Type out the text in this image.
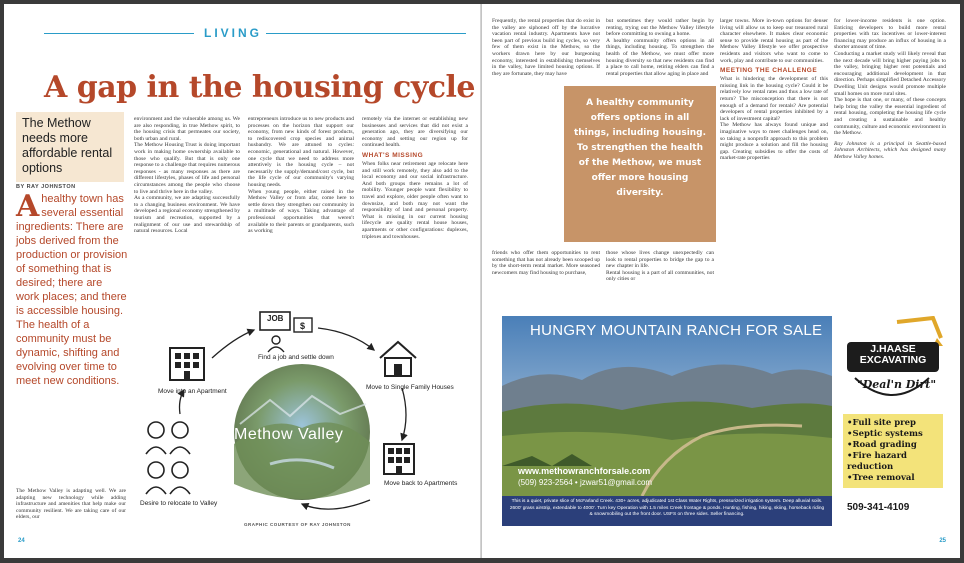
LIVING
A gap in the housing cycle
The Methow needs more affordable rental options
BY RAY JOHNSTON
Ahealthy town has several essential ingredients: There are jobs derived from the production or provision of something that is desired; there are work places; and there is accessible housing. The health of a community must be dynamic, shifting and evolving over time to meet new conditions.
The Methow Valley is adapting well. We are adapting new technology while adding infrastructure and amenities that help make our community resilient. We are taking care of our elders, our
environment and the vulnerable among us. We are also responding, in true Methow spirit, to the housing crisis that permeates our society, both urban and rural.
The Methow Housing Trust is doing important work in making home ownership available to those who qualify. But that is only one response to a challenge that requires numerous responses - as many responses as there are different lifestyles, phases of life and personal circumstances among the people who choose to live and thrive here in the valley.
As a community, we are adapting successfully to a changing business environment. We have developed a regional economy strengthened by tourism and recreation, supported by a realignment of our use and stewardship of natural resources. Local
entrepreneurs introduce us to new products and processes on the horizon that support our economy, from new kinds of forest products, to rediscovered crop species and animal husbandry. We are attuned to cycles: economic, generational and natural. However, one cycle that we need to address more attentively is the housing cycle – not necessarily the supply/demand/cost cycle, but the life cycle of our community's varying housing needs.
When young people, either raised in the Methow Valley or from afar, come here to settle down they strengthen our community in a multitude of ways. Taking advantage of professional opportunities that weren't available to their parents or grandparents, such as working
remotely via the internet or establishing new businesses and services that did not exist a generation ago, they are diversifying our economy and setting our region up for continued health.
WHAT'S MISSING
When folks near retirement age relocate here and still work remotely, they also add to the local economy and our social infrastructure. And both groups there remains a lot of mobility. Younger people want flexibility to travel and explore, older people often want to downsize, and both may not want the responsibility of land and personal property. What is missing in our current housing lifecycle are quality rental house houses, apartments or other configurations: duplexes, triplexes and townhouses.
$
JOB
Move into an Apartment
Find a job and settle down
Move to Single Family Houses
Move back to Apartments
Desire to relocate to Valley
Methow Valley
GRAPHIC COURTESY OF RAY JOHNSTON
24
Frequently, the rental properties that do exist in the valley are siphoned off by the lucrative vacation rental industry. Apartments have not been part of previous build ing cycles, so very few of them exist in the Methow, so the workers drawn here by our burgeoning economy, interested in establishing themselves in the valley, have limited housing options. If they are fortunate, they may have
friends who offer them opportunities to rent something that has not already been scooped up by the short-term rental market. More seasoned newcomers may find housing to purchase,
but sometimes they would rather begin by renting, trying out the Methow Valley lifestyle before committing to owning a home.
A healthy community offers options in all things, including housing. To strengthen the health of the Methow, we must offer more housing diversity so that new residents can find a place to call home, retiring elders can find a rental properties that allow aging in place and
those whose lives change unexpectedly can look to rental properties to bridge the gap to a new chapter in life.
Rental housing is a part of all communities, not only cities or
A healthy community offers options in all things, including housing. To strengthen the health of the Methow, we must offer more housing diversity.
larger towns. More in-town options for denser living will allow us to keep our treasured rural character elsewhere. It makes clear economic sense to provide rental housing as part of the Methow Valley lifestyle we offer prospective residents and visitors who want to come to work, play and contribute to our communities.
MEETING THE CHALLENGE
What is hindering the development of this missing link in the housing cycle? Could it be relatively low rental rates and thus a low rate of return? The misconception that there is not enough of a demand for rentals? Are potential developers of rental properties inhibited by a lack of investment capital?
The Methow has always found unique and imaginative ways to meet challenges head on, so taking a nonprofit approach to this problem might produce a solution and fill the housing gap. Creating subsidies to offer the costs of market-rate properties
for lower-income residents is one option. Enticing developers to build more rental properties with tax incentives or lower-interest financing may produce an influx of housing in a shorter amount of time.
Conducting a market study will likely reveal that the next decade will bring higher paying jobs to the valley, bringing higher rent potentials and encouraging additional development in that direction. Perhaps simplified Detached Accessory Dwelling Unit designs would promote multiple small homes on more rural sites.
The hope is that one, or many, of these concepts help bring the valley the essential ingredient of rental housing, completing the housing life cycle and creating a sustainable and healthy community, culture and economic environment in the Methow.
Ray Johnston is a principal in Seattle-based Johnston Architects, which has designed many Methow Valley homes.
HUNGRY MOUNTAIN RANCH FOR SALE
www.methowranchforsale.com
(509) 923-2564 • jzwar51@gmail.com
This is a quiet, private slice of McFarland Creek. 430+ acres, adjudicated 1st Class Water Rights, pressurized irrigation system. Deep alluvial soils. 2600' grass airstrip, extendable to 4000'. Turn key Operation with 1.5 miles Creek frontage & ponds. Hunting, fishing, hiking, skiing, horseback riding & snowmobiling out the front door. USFS on three sides. Seller financing.
J.HAASE EXCAVATING
"Deal'n Dirt"
• Full site prep
• Septic systems
• Road grading
• Fire hazard reduction
• Tree removal
509-341-4109
25
